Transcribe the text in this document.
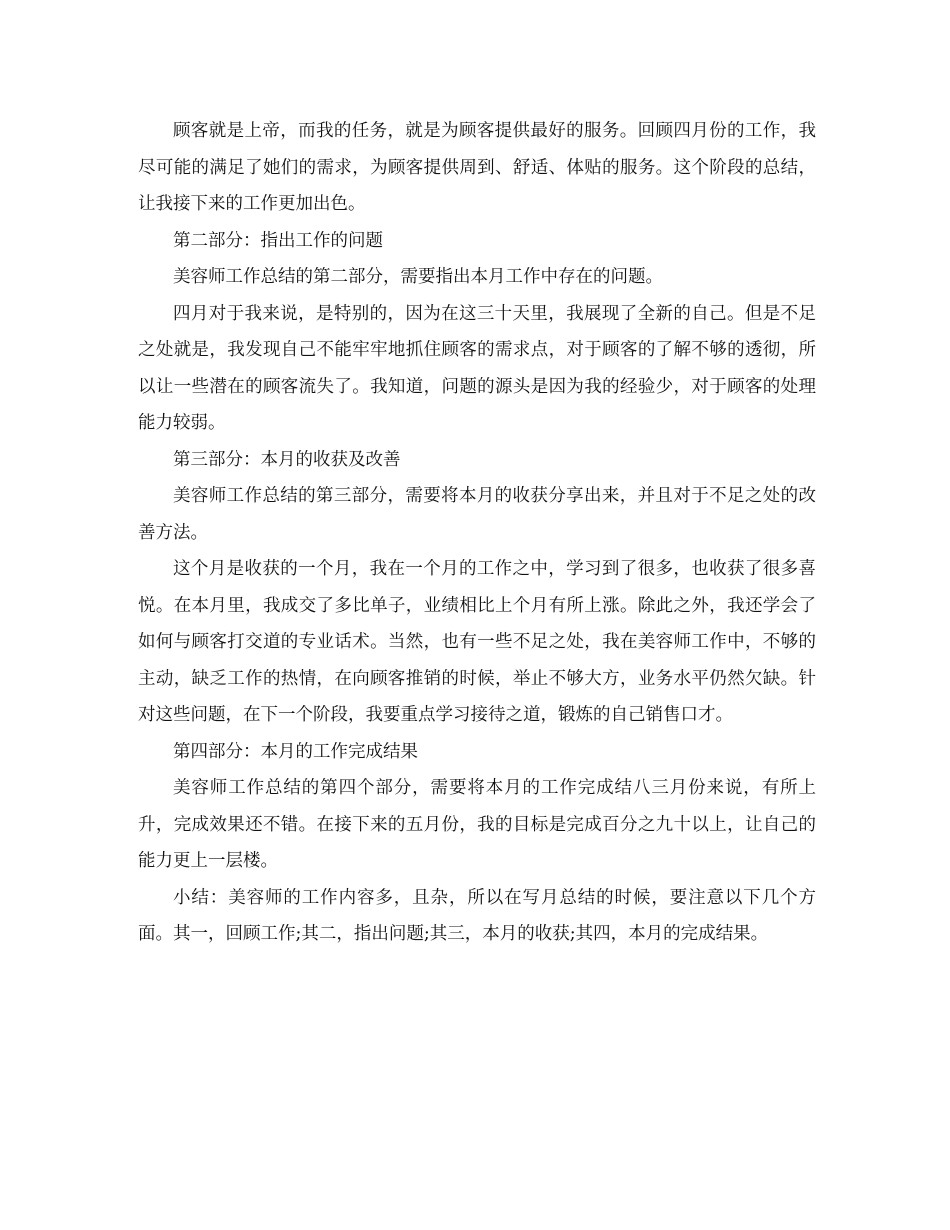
顾客就是上帝，而我的任务，就是为顾客提供最好的服务。回顾四月份的工作，我尽可能的满足了她们的需求，为顾客提供周到、舒适、体贴的服务。这个阶段的总结，让我接下来的工作更加出色。

第二部分：指出工作的问题

美容师工作总结的第二部分，需要指出本月工作中存在的问题。

四月对于我来说，是特别的，因为在这三十天里，我展现了全新的自己。但是不足之处就是，我发现自己不能牢牢地抓住顾客的需求点，对于顾客的了解不够的透彻，所以让一些潜在的顾客流失了。我知道，问题的源头是因为我的经验少，对于顾客的处理能力较弱。

第三部分：本月的收获及改善

美容师工作总结的第三部分，需要将本月的收获分享出来，并且对于不足之处的改善方法。

这个月是收获的一个月，我在一个月的工作之中，学习到了很多，也收获了很多喜悦。在本月里，我成交了多比单子，业绩相比上个月有所上涨。除此之外，我还学会了如何与顾客打交道的专业话术。当然，也有一些不足之处，我在美容师工作中，不够的主动，缺乏工作的热情，在向顾客推销的时候，举止不够大方，业务水平仍然欠缺。针对这些问题，在下一个阶段，我要重点学习接待之道，锻炼的自己销售口才。

第四部分：本月的工作完成结果

美容师工作总结的第四个部分，需要将本月的工作完成结八三月份来说，有所上升，完成效果还不错。在接下来的五月份，我的目标是完成百分之九十以上，让自己的能力更上一层楼。

小结：美容师的工作内容多，且杂，所以在写月总结的时候，要注意以下几个方面。其一，回顾工作;其二，指出问题;其三，本月的收获;其四，本月的完成结果。
